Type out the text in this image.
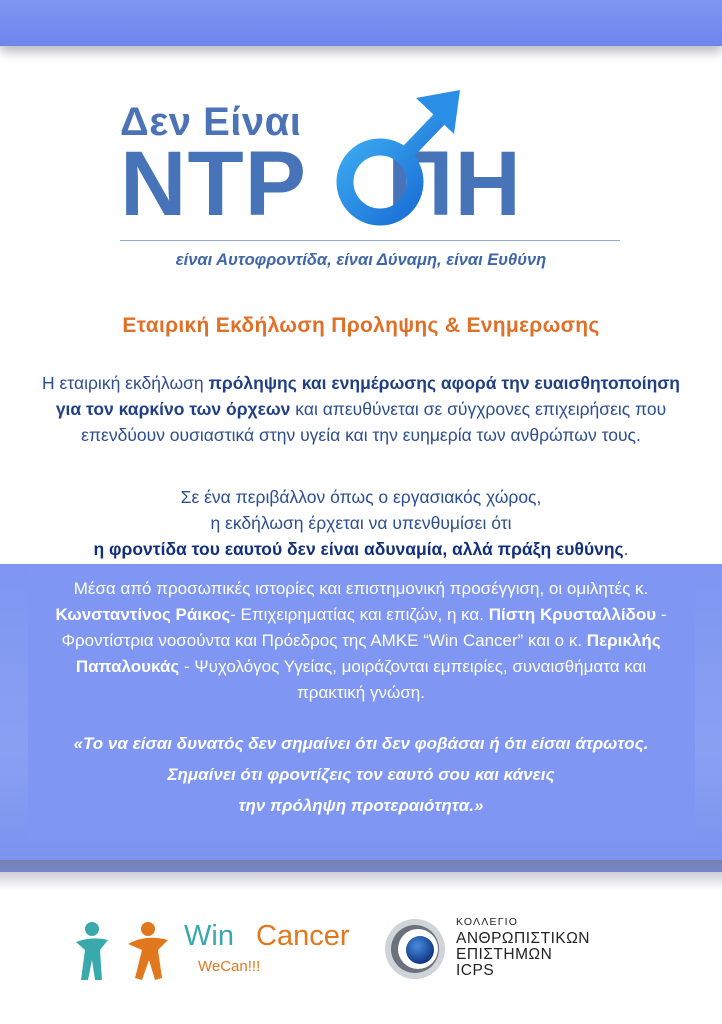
Δεν Είναι
ΝΤΡ ΠΗ
είναι Αυτοφροντίδα, είναι Δύναμη, είναι Ευθύνη
Εταιρική Εκδήλωση Προληψης & Ενημερωσης
Η εταιρική εκδήλωση πρόληψης και ενημέρωσης αφορά την ευαισθητοποίηση για τον καρκίνο των όρχεων και απευθύνεται σε σύγχρονες επιχειρήσεις που επενδύουν ουσιαστικά στην υγεία και την ευημερία των ανθρώπων τους.
Σε ένα περιβάλλον όπως ο εργασιακός χώρος,
η εκδήλωση έρχεται να υπενθυμίσει ότι
η φροντίδα του εαυτού δεν είναι αδυναμία, αλλά πράξη ευθύνης.
Μέσα από προσωπικές ιστορίες και επιστημονική προσέγγιση, οι ομιλητές κ. Κωνσταντίνος Ράικος- Επιχειρηματίας και επιζών, η κα. Πίστη Κρυσταλλίδου - Φροντίστρια νοσούντα και Πρόεδρος της ΑΜΚΕ “Win Cancer” και ο κ. Περικλής Παπαλουκάς - Ψυχολόγος Υγείας, μοιράζονται εμπειρίες, συναισθήματα και πρακτική γνώση.
«Το να είσαι δυνατός δεν σημαίνει ότι δεν φοβάσαι ή ότι είσαι άτρωτος.
Σημαίνει ότι φροντίζεις τον εαυτό σου και κάνεις
την πρόληψη προτεραιότητα.»
Win Cancer
WeCan!!!
ΚΟΛΛΕΓΙΟ
ΑΝΘΡΩΠΙΣΤΙΚΩΝ
ΕΠΙΣΤΗΜΩΝ
ICPS
